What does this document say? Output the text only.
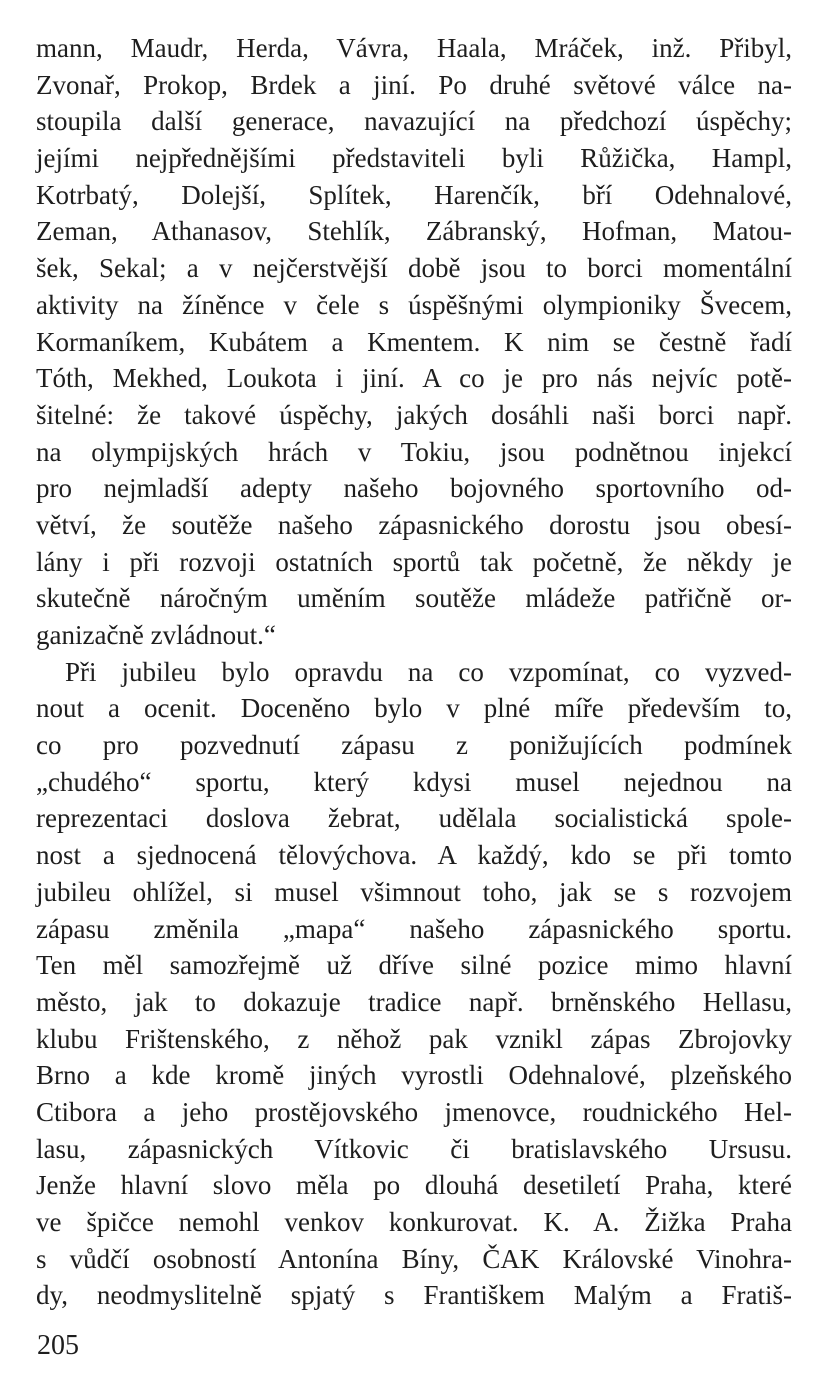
mann, Maudr, Herda, Vávra, Haala, Mráček, inž. Přibyl,
Zvonař, Prokop, Brdek a jiní. Po druhé světové válce na-
stoupila další generace, navazující na předchozí úspěchy;
jejími nejpřednějšími představiteli byli Růžička, Hampl,
Kotrbatý, Dolejší, Splítek, Harenčík, bří Odehnalové,
Zeman, Athanasov, Stehlík, Zábranský, Hofman, Matou-
šek, Sekal; a v nejčerstvější době jsou to borci momentální
aktivity na žíněnce v čele s úspěšnými olympioniky Švecem,
Kormaníkem, Kubátem a Kmentem. K nim se čestně řadí
Tóth, Mekhed, Loukota i jiní. A co je pro nás nejvíc potě-
šitelné: že takové úspěchy, jakých dosáhli naši borci např.
na olympijských hrách v Tokiu, jsou podnětnou injekcí
pro nejmladší adepty našeho bojovného sportovního od-
větví, že soutěže našeho zápasnického dorostu jsou obesí-
lány i při rozvoji ostatních sportů tak početně, že někdy je
skutečně náročným uměním soutěže mládeže patřičně or-
ganizačně zvládnout.“

Při jubileu bylo opravdu na co vzpomínat, co vyzved-
nout a ocenit. Doceněno bylo v plné míře především to,
co pro pozvednutí zápasu z ponižujících podmínek
„chudého“ sportu, který kdysi musel nejednou na
reprezentaci doslova žebrat, udělala socialistická spole-
nost a sjednocená tělovýchova. A každý, kdo se při tomto
jubileu ohlížel, si musel všimnout toho, jak se s rozvojem
zápasu změnila „mapa“ našeho zápasnického sportu.
Ten měl samozřejmě už dříve silné pozice mimo hlavní
město, jak to dokazuje tradice např. brněnského Hellasu,
klubu Frištenského, z něhož pak vznikl zápas Zbrojovky
Brno a kde kromě jiných vyrostli Odehnalové, plzeňského
Ctibora a jeho prostějovského jmenovce, roudnického Hel-
lasu, zápasnických Vítkovic či bratislavského Ursusu.
Jenže hlavní slovo měla po dlouhá desetiletí Praha, které
ve špičce nemohl venkov konkurovat. K. A. Žižka Praha
s vůdčí osobností Antonína Bíny, ČAK Královské Vinohra-
dy, neodmyslitelně spjatý s Františkem Malým a Fratiš-

205
